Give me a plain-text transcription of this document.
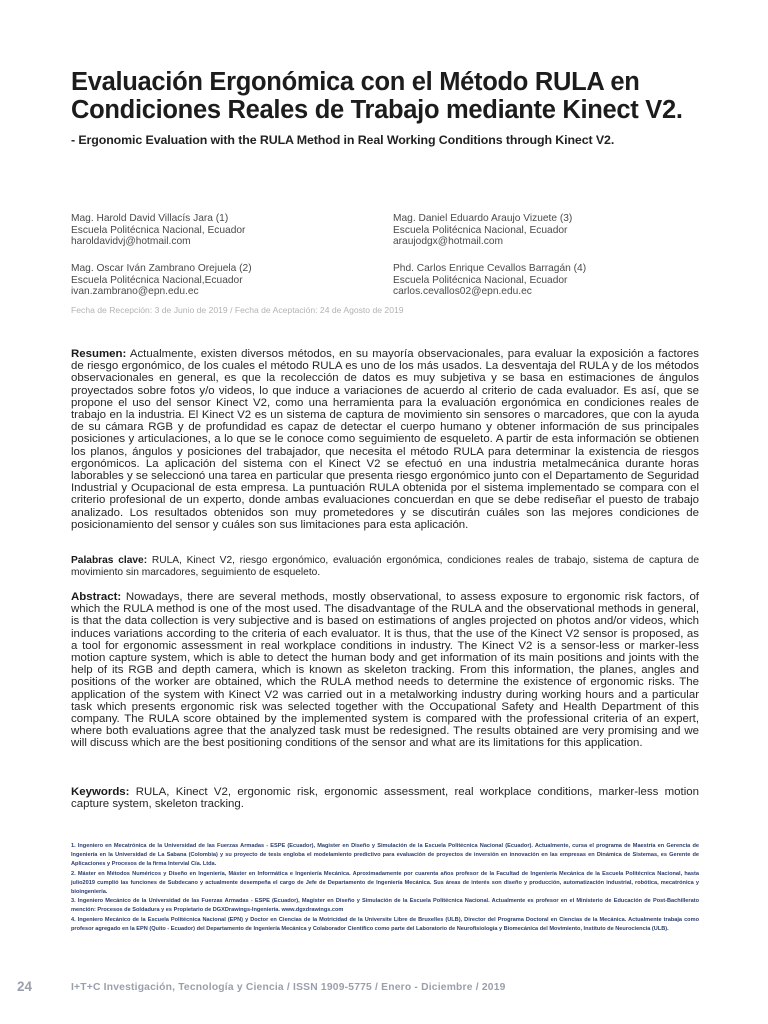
Evaluación Ergonómica con el Método RULA en Condiciones Reales de Trabajo mediante Kinect V2.
- Ergonomic Evaluation with the RULA Method in Real Working Conditions through Kinect V2.
Mag. Harold David Villacís Jara (1)
Escuela Politécnica Nacional, Ecuador
haroldavidvj@hotmail.com
Mag. Daniel Eduardo Araujo Vizuete (3)
Escuela Politécnica Nacional, Ecuador
araujodgx@hotmail.com
Mag. Oscar Iván Zambrano Orejuela (2)
Escuela Politécnica Nacional,Ecuador
ivan.zambrano@epn.edu.ec
Phd. Carlos Enrique Cevallos Barragán (4)
Escuela Politécnica Nacional, Ecuador
carlos.cevallos02@epn.edu.ec
Fecha de Recepción: 3 de Junio de 2019 / Fecha de Aceptación: 24 de Agosto de 2019

Resumen: Actualmente, existen diversos métodos, en su mayoría observacionales, para evaluar la exposición a factores de riesgo ergonómico, de los cuales el método RULA es uno de los más usados. La desventaja del RULA y de los métodos observacionales en general, es que la recolección de datos es muy subjetiva y se basa en estimaciones de ángulos proyectados sobre fotos y/o videos, lo que induce a variaciones de acuerdo al criterio de cada evaluador. Es así, que se propone el uso del sensor Kinect V2, como una herramienta para la evaluación ergonómica en condiciones reales de trabajo en la industria. El Kinect V2 es un sistema de captura de movimiento sin sensores o marcadores, que con la ayuda de su cámara RGB y de profundidad es capaz de detectar el cuerpo humano y obtener información de sus principales posiciones y articulaciones, a lo que se le conoce como seguimiento de esqueleto. A partir de esta información se obtienen los planos, ángulos y posiciones del trabajador, que necesita el método RULA para determinar la existencia de riesgos ergonómicos. La aplicación del sistema con el Kinect V2 se efectuó en una industria metalmecánica durante horas laborables y se seleccionó una tarea en particular que presenta riesgo ergonómico junto con el Departamento de Seguridad Industrial y Ocupacional de esta empresa. La puntuación RULA obtenida por el sistema implementado se compara con el criterio profesional de un experto, donde ambas evaluaciones concuerdan en que se debe rediseñar el puesto de trabajo analizado. Los resultados obtenidos son muy prometedores y se discutirán cuáles son las mejores condiciones de posicionamiento del sensor y cuáles son sus limitaciones para esta aplicación.

Palabras clave: RULA, Kinect V2, riesgo ergonómico, evaluación ergonómica, condiciones reales de trabajo, sistema de captura de movimiento sin marcadores, seguimiento de esqueleto.

Abstract: Nowadays, there are several methods, mostly observational, to assess exposure to ergonomic risk factors, of which the RULA method is one of the most used. The disadvantage of the RULA and the observational methods in general, is that the data collection is very subjective and is based on estimations of angles projected on photos and/or videos, which induces variations according to the criteria of each evaluator. It is thus, that the use of the Kinect V2 sensor is proposed, as a tool for ergonomic assessment in real workplace conditions in industry. The Kinect V2 is a sensor-less or marker-less motion capture system, which is able to detect the human body and get information of its main positions and joints with the help of its RGB and depth camera, which is known as skeleton tracking. From this information, the planes, angles and positions of the worker are obtained, which the RULA method needs to determine the existence of ergonomic risks. The application of the system with Kinect V2 was carried out in a metalworking industry during working hours and a particular task which presents ergonomic risk was selected together with the Occupational Safety and Health Department of this company. The RULA score obtained by the implemented system is compared with the professional criteria of an expert, where both evaluations agree that the analyzed task must be redesigned. The results obtained are very promising and we will discuss which are the best positioning conditions of the sensor and what are its limitations for this application.

Keywords: RULA, Kinect V2, ergonomic risk, ergonomic assessment, real workplace conditions, marker-less motion capture system, skeleton tracking.

1. Ingeniero en Mecatrónica de la Universidad de las Fuerzas Armadas - ESPE (Ecuador), Magister en Diseño y Simulación de la Escuela Politécnica Nacional (Ecuador). Actualmente, cursa el programa de Maestría en Gerencia de Ingeniería en la Universidad de La Sabana (Colombia) y su proyecto de tesis engloba el modelamiento predictivo para evaluación de proyectos de inversión en innovación en las empresas en Dinámica de Sistemas, es Gerente de Aplicaciones y Procesos de la firma Intervial Cía. Ltda.

2. Máster en Métodos Numéricos y Diseño en Ingeniería, Máster en Informática e Ingeniería Mecánica. Aproximadamente por cuarenta años profesor de la Facultad de Ingeniería Mecánica de la Escuela Politécnica Nacional, hasta julio2019 cumplió las funciones de Subdecano y actualmente desempeña el cargo de Jefe de Departamento de Ingeniería Mecánica. Sus áreas de interés son diseño y producción, automatización industrial, robótica, mecatrónica y bioingeniería.

3. Ingeniero Mecánico de la Universidad de las Fuerzas Armadas - ESPE (Ecuador), Magister en Diseño y Simulación de la Escuela Politécnica Nacional. Actualmente es profesor en el Ministerio de Educación de Post-Bachillerato mención: Procesos de Soldadura y es Propietario de DGXDrawings-Ingeniería. www.dgxdrawings.com

4. Ingeniero Mecánico de la Escuela Politécnica Nacional (EPN) y Doctor en Ciencias de la Motricidad de la Universite Libre de Bruxelles (ULB), Director del Programa Doctoral en Ciencias de la Mecánica. Actualmente trabaja como profesor agregado en la EPN (Quito - Ecuador) del Departamento de Ingeniería Mecánica y Colaborador Científico como parte del Laboratorio de Neurofisiología y Biomecánica del Movimiento, Instituto de Neurociencia (ULB).

24	I+T+C Investigación, Tecnología y Ciencia / ISSN 1909-5775 / Enero - Diciembre / 2019
